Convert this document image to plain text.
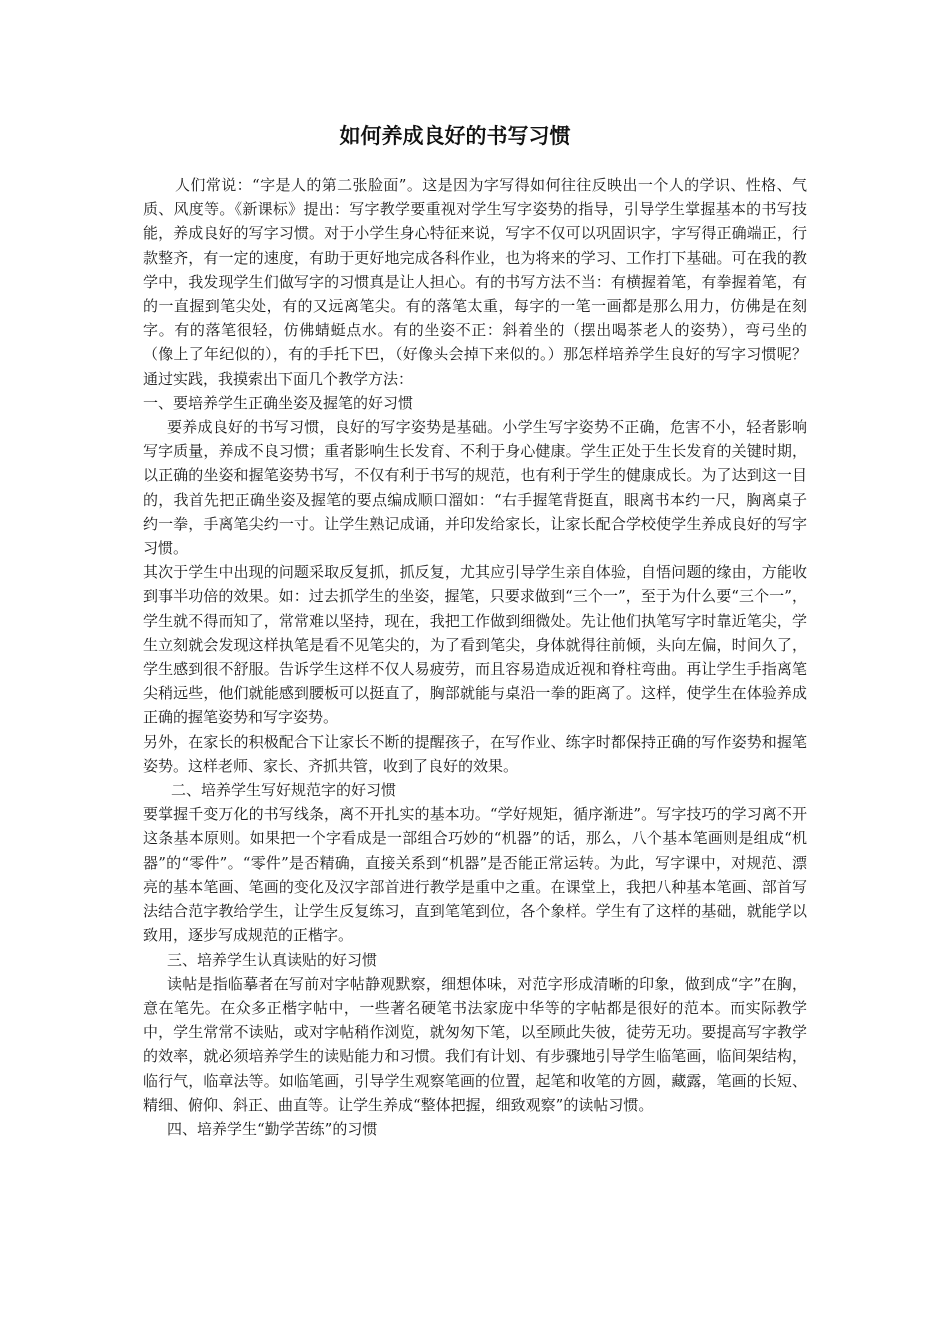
如何养成良好的书写习惯

人们常说：“字是人的第二张脸面”。这是因为字写得如何往往反映出一个人的学识、性格、气质、风度等。《新课标》提出：写字教学要重视对学生写字姿势的指导，引导学生掌握基本的书写技能，养成良好的写字习惯。对于小学生身心特征来说，写字不仅可以巩固识字，字写得正确端正，行款整齐，有一定的速度，有助于更好地完成各科作业，也为将来的学习、工作打下基础。可在我的教学中，我发现学生们做写字的习惯真是让人担心。有的书写方法不当：有横握着笔，有拳握着笔，有的一直握到笔尖处，有的又远离笔尖。有的落笔太重，每字的一笔一画都是那么用力，仿佛是在刻字。有的落笔很轻，仿佛蜻蜓点水。有的坐姿不正：斜着坐的（摆出喝茶老人的姿势），弯弓坐的（像上了年纪似的），有的手托下巴，（好像头会掉下来似的。）那怎样培养学生良好的写字习惯呢？通过实践，我摸索出下面几个教学方法：

一、要培养学生正确坐姿及握笔的好习惯

要养成良好的书写习惯，良好的写字姿势是基础。小学生写字姿势不正确，危害不小，轻者影响写字质量，养成不良习惯；重者影响生长发育、不利于身心健康。学生正处于生长发育的关键时期，以正确的坐姿和握笔姿势书写，不仅有利于书写的规范，也有利于学生的健康成长。为了达到这一目的，我首先把正确坐姿及握笔的要点编成顺口溜如：“右手握笔背挺直，眼离书本约一尺，胸离桌子约一拳，手离笔尖约一寸。让学生熟记成诵，并印发给家长，让家长配合学校使学生养成良好的写字习惯。

其次于学生中出现的问题采取反复抓，抓反复，尤其应引导学生亲自体验，自悟问题的缘由，方能收到事半功倍的效果。如：过去抓学生的坐姿，握笔，只要求做到“三个一”，至于为什么要“三个一”，学生就不得而知了，常常难以坚持，现在，我把工作做到细微处。先让他们执笔写字时靠近笔尖，学生立刻就会发现这样执笔是看不见笔尖的，为了看到笔尖，身体就得往前倾，头向左偏，时间久了，学生感到很不舒服。告诉学生这样不仅人易疲劳，而且容易造成近视和脊柱弯曲。再让学生手指离笔尖稍远些，他们就能感到腰板可以挺直了，胸部就能与桌沿一拳的距离了。这样，使学生在体验养成正确的握笔姿势和写字姿势。

另外，在家长的积极配合下让家长不断的提醒孩子，在写作业、练字时都保持正确的写作姿势和握笔姿势。这样老师、家长、齐抓共管，收到了良好的效果。

二、培养学生写好规范字的好习惯

要掌握千变万化的书写线条，离不开扎实的基本功。“学好规矩，循序渐进”。写字技巧的学习离不开这条基本原则。如果把一个字看成是一部组合巧妙的“机器”的话，那么，八个基本笔画则是组成“机器”的“零件”。“零件”是否精确，直接关系到“机器”是否能正常运转。为此，写字课中，对规范、漂亮的基本笔画、笔画的变化及汉字部首进行教学是重中之重。在课堂上，我把八种基本笔画、部首写法结合范字教给学生，让学生反复练习，直到笔笔到位，各个象样。学生有了这样的基础，就能学以致用，逐步写成规范的正楷字。

三、培养学生认真读贴的好习惯

读帖是指临摹者在写前对字帖静观默察，细想体味，对范字形成清晰的印象，做到成“字”在胸，意在笔先。在众多正楷字帖中，一些著名硬笔书法家庞中华等的字帖都是很好的范本。而实际教学中，学生常常不读贴，或对字帖稍作浏览，就匆匆下笔，以至顾此失彼，徒劳无功。要提高写字教学的效率，就必须培养学生的读贴能力和习惯。我们有计划、有步骤地引导学生临笔画，临间架结构，临行气，临章法等。如临笔画，引导学生观察笔画的位置，起笔和收笔的方圆，藏露，笔画的长短、精细、俯仰、斜正、曲直等。让学生养成“整体把握，细致观察”的读帖习惯。

四、培养学生“勤学苦练”的习惯
